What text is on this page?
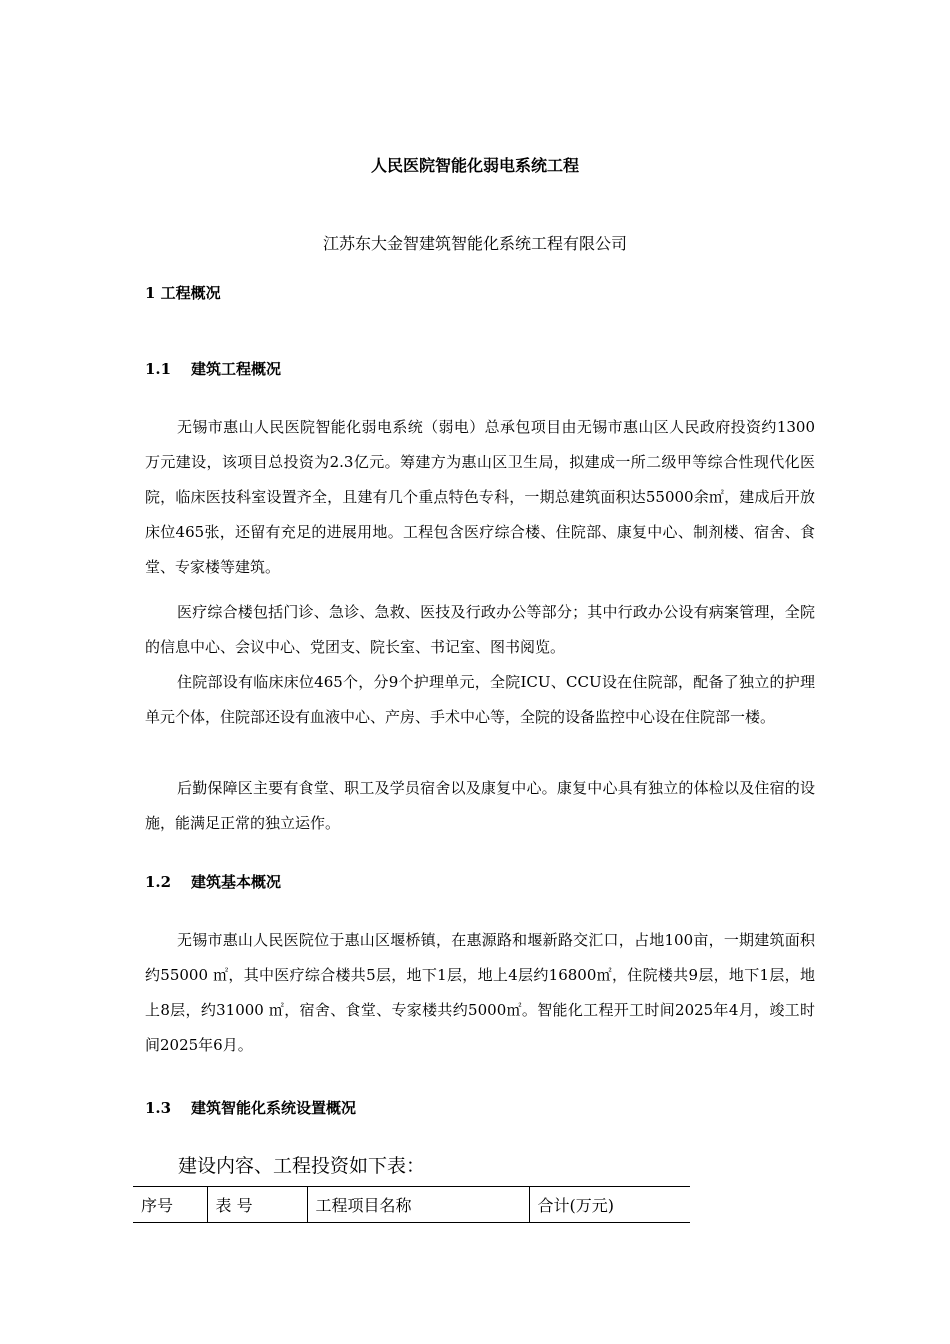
人民医院智能化弱电系统工程
江苏东大金智建筑智能化系统工程有限公司
1 工程概况
1.1 建筑工程概况

无锡市惠山人民医院智能化弱电系统（弱电）总承包项目由无锡市惠山区人民政府投资约1300万元建设，该项目总投资为2.3亿元。筹建方为惠山区卫生局，拟建成一所二级甲等综合性现代化医院，临床医技科室设置齐全，且建有几个重点特色专科，一期总建筑面积达55000余㎡，建成后开放床位465张，还留有充足的进展用地。工程包含医疗综合楼、住院部、康复中心、制剂楼、宿舍、食堂、专家楼等建筑。

医疗综合楼包括门诊、急诊、急救、医技及行政办公等部分；其中行政办公设有病案管理，全院的信息中心、会议中心、党团支、院长室、书记室、图书阅览。

住院部设有临床床位465个，分9个护理单元，全院ICU、CCU设在住院部，配备了独立的护理单元个体，住院部还设有血液中心、产房、手术中心等，全院的设备监控中心设在住院部一楼。

后勤保障区主要有食堂、职工及学员宿舍以及康复中心。康复中心具有独立的体检以及住宿的设施，能满足正常的独立运作。

1.2 建筑基本概况

无锡市惠山人民医院位于惠山区堰桥镇，在惠源路和堰新路交汇口，占地100亩，一期建筑面积约55000 ㎡，其中医疗综合楼共5层，地下1层，地上4层约16800㎡，住院楼共9层，地下1层，地上8层，约31000 ㎡，宿舍、食堂、专家楼共约5000㎡。智能化工程开工时间2025年4月，竣工时间2025年6月。

1.3 建筑智能化系统设置概况
建设内容、工程投资如下表：
序号	表 号	工程项目名称	合计(万元)
